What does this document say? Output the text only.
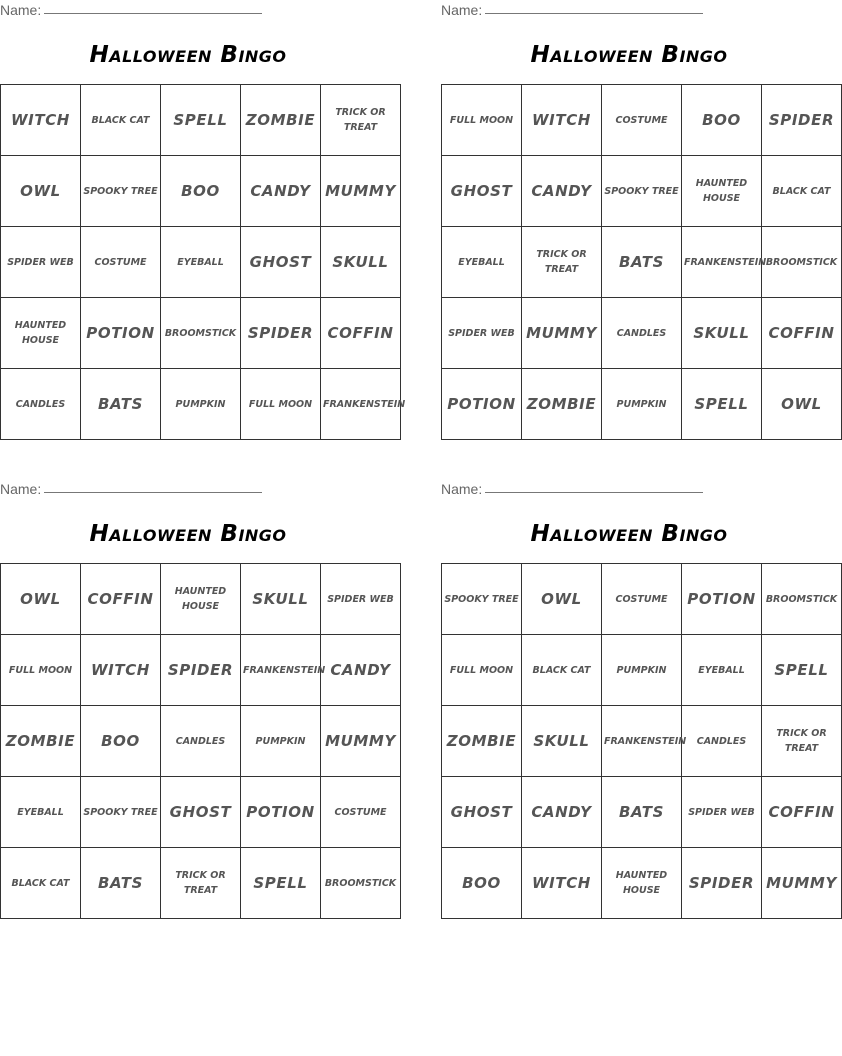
Name:
Halloween Bingo
WITCH	BLACK CAT	SPELL	ZOMBIE	TRICK OR TREAT
OWL	SPOOKY TREE	BOO	CANDY	MUMMY
SPIDER WEB	COSTUME	EYEBALL	GHOST	SKULL
HAUNTED HOUSE	POTION	BROOMSTICK	SPIDER	COFFIN
CANDLES	BATS	PUMPKIN	FULL MOON	FRANKENSTEIN
Name:
Halloween Bingo
FULL MOON	WITCH	COSTUME	BOO	SPIDER
GHOST	CANDY	SPOOKY TREE	HAUNTED HOUSE	BLACK CAT
EYEBALL	TRICK OR TREAT	BATS	FRANKENSTEIN	BROOMSTICK
SPIDER WEB	MUMMY	CANDLES	SKULL	COFFIN
POTION	ZOMBIE	PUMPKIN	SPELL	OWL
Name:
Halloween Bingo
OWL	COFFIN	HAUNTED HOUSE	SKULL	SPIDER WEB
FULL MOON	WITCH	SPIDER	FRANKENSTEIN	CANDY
ZOMBIE	BOO	CANDLES	PUMPKIN	MUMMY
EYEBALL	SPOOKY TREE	GHOST	POTION	COSTUME
BLACK CAT	BATS	TRICK OR TREAT	SPELL	BROOMSTICK
Name:
Halloween Bingo
SPOOKY TREE	OWL	COSTUME	POTION	BROOMSTICK
FULL MOON	BLACK CAT	PUMPKIN	EYEBALL	SPELL
ZOMBIE	SKULL	FRANKENSTEIN	CANDLES	TRICK OR TREAT
GHOST	CANDY	BATS	SPIDER WEB	COFFIN
BOO	WITCH	HAUNTED HOUSE	SPIDER	MUMMY
